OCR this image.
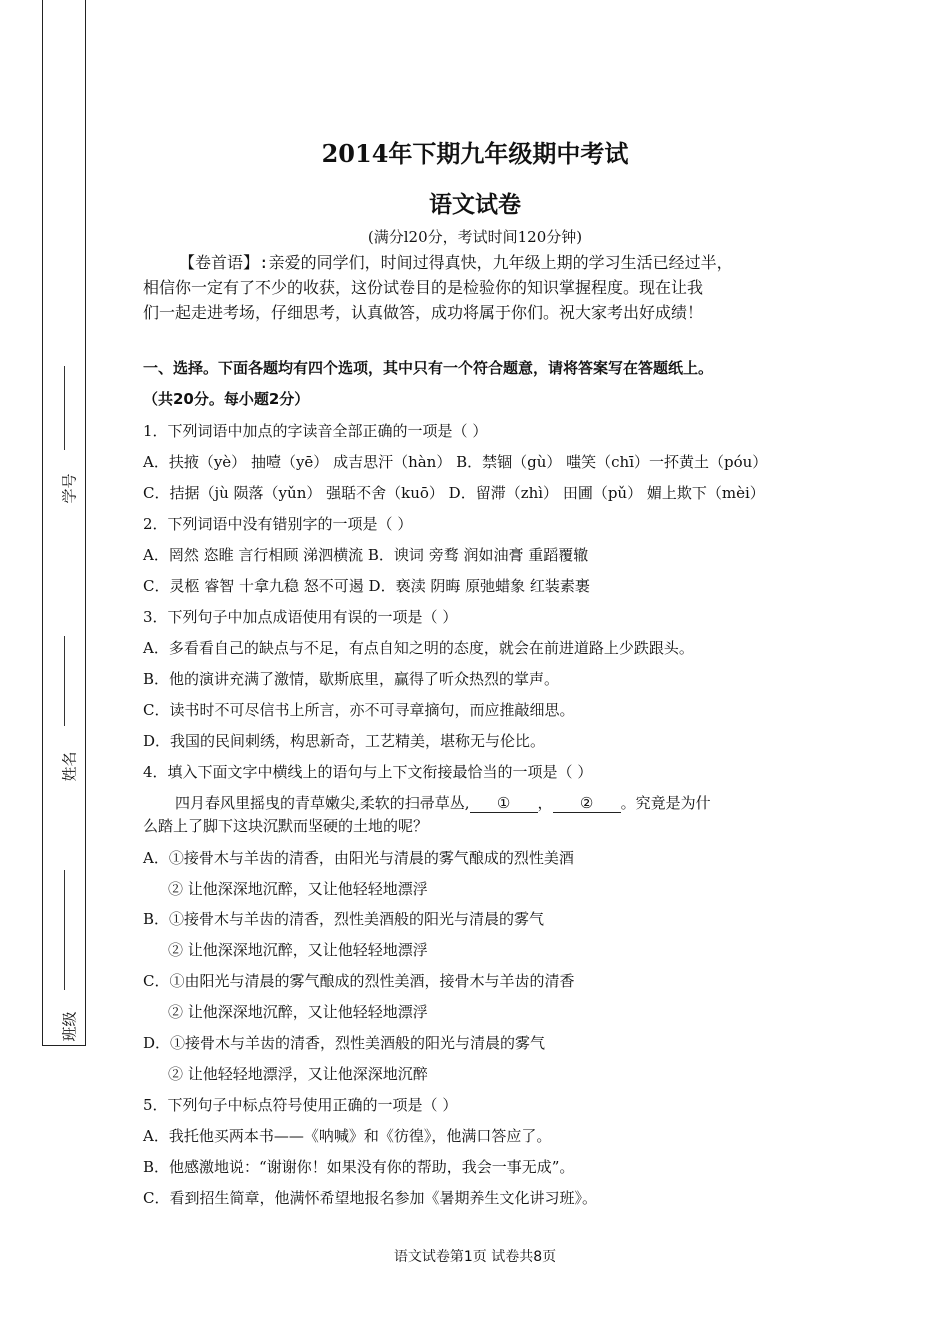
学号
姓名
班级
2014年下期九年级期中考试
语文试卷
(满分l20分，考试时间120分钟)
【卷首语】:亲爱的同学们，时间过得真快，九年级上期的学习生活已经过半，
相信你一定有了不少的收获，这份试卷目的是检验你的知识掌握程度。现在让我
们一起走进考场，仔细思考，认真做答，成功将属于你们。祝大家考出好成绩！
一、选择。下面各题均有四个选项，其中只有一个符合题意，请将答案写在答题纸上。
（共20分。每小题2分）
1．下列词语中加点的字读音全部正确的一项是（ ）
A．扶掖（yè） 抽噎（yē） 成吉思汗（hàn） B．禁锢（gù） 嗤笑（chī）一抔黄土（póu）
C．拮据（jù 陨落（yǔn） 强聒不舍（kuō） D．留滞（zhì） 田圃（pǔ） 媚上欺下（mèi）
2．下列词语中没有错别字的一项是（ ）
A．罔然 恣睢 言行相顾 涕泗横流 B．谀词 旁骛 润如油膏 重蹈覆辙
C．灵柩 睿智 十拿九稳 怒不可遏 D．亵渎 阴晦 原弛蜡象 红装素裹
3．下列句子中加点成语使用有误的一项是（ ）
A．多看看自己的缺点与不足，有点自知之明的态度，就会在前进道路上少跌跟头。
B．他的演讲充满了激情，歇斯底里，赢得了听众热烈的掌声。
C．读书时不可尽信书上所言，亦不可寻章摘句，而应推敲细思。
D．我国的民间刺绣，构思新奇，工艺精美，堪称无与伦比。
4．填入下面文字中横线上的语句与上下文衔接最恰当的一项是（ ）
四月春风里摇曳的青草嫩尖,柔软的扫帚草丛, ① ， ② 。究竟是为什
么踏上了脚下这块沉默而坚硬的土地的呢？
A．①接骨木与羊齿的清香，由阳光与清晨的雾气酿成的烈性美酒
② 让他深深地沉醉，又让他轻轻地漂浮
B．①接骨木与羊齿的清香，烈性美酒般的阳光与清晨的雾气
② 让他深深地沉醉，又让他轻轻地漂浮
C．①由阳光与清晨的雾气酿成的烈性美酒，接骨木与羊齿的清香
② 让他深深地沉醉，又让他轻轻地漂浮
D．①接骨木与羊齿的清香，烈性美酒般的阳光与清晨的雾气
② 让他轻轻地漂浮，又让他深深地沉醉
5．下列句子中标点符号使用正确的一项是（ ）
A．我托他买两本书——《呐喊》和《彷徨》，他满口答应了。
B．他感激地说：“谢谢你！如果没有你的帮助，我会一事无成”。
C．看到招生简章，他满怀希望地报名参加《暑期养生文化讲习班》。
语文试卷第1页 试卷共8页
